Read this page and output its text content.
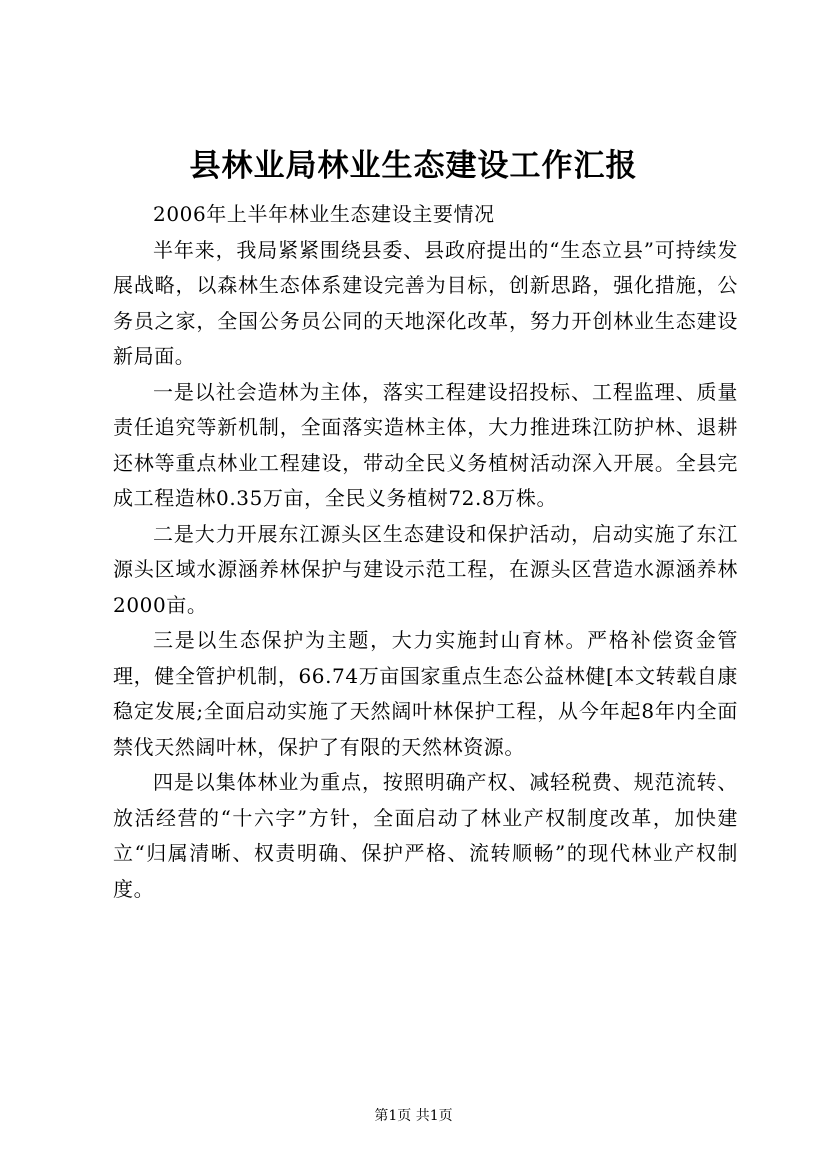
县林业局林业生态建设工作汇报

2006年上半年林业生态建设主要情况

半年来，我局紧紧围绕县委、县政府提出的“生态立县”可持续发展战略，以森林生态体系建设完善为目标，创新思路，强化措施，公务员之家，全国公务员公同的天地深化改革，努力开创林业生态建设新局面。

一是以社会造林为主体，落实工程建设招投标、工程监理、质量责任追究等新机制，全面落实造林主体，大力推进珠江防护林、退耕还林等重点林业工程建设，带动全民义务植树活动深入开展。全县完成工程造林0.35万亩，全民义务植树72.8万株。

二是大力开展东江源头区生态建设和保护活动，启动实施了东江源头区域水源涵养林保护与建设示范工程，在源头区营造水源涵养林2000亩。

三是以生态保护为主题，大力实施封山育林。严格补偿资金管理，健全管护机制，66.74万亩国家重点生态公益林健[本文转载自康稳定发展;全面启动实施了天然阔叶林保护工程，从今年起8年内全面禁伐天然阔叶林，保护了有限的天然林资源。

四是以集体林业为重点，按照明确产权、减轻税费、规范流转、放活经营的“十六字”方针，全面启动了林业产权制度改革，加快建立“归属清晰、权责明确、保护严格、流转顺畅”的现代林业产权制度。

第1页 共1页
